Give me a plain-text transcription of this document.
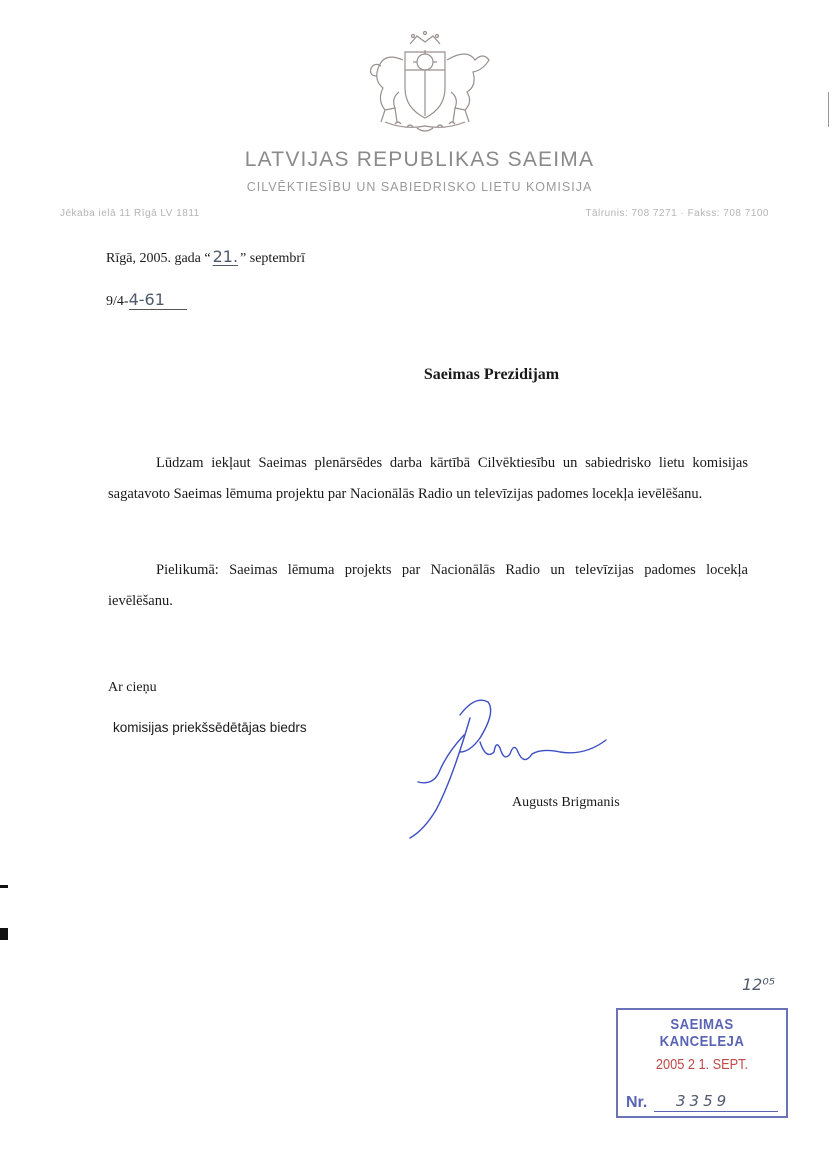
LATVIJAS REPUBLIKAS SAEIMA
CILVĒKTIESĪBU UN SABIEDRISKO LIETU KOMISIJA
Jēkaba ielā 11 Rīgā LV 1811	Tālrunis: 708 7271 · Fakss: 708 7100
Rīgā, 2005. gada “ 21. ” septembrī
9/4-4-61
Saeimas Prezidijam

Lūdzam iekļaut Saeimas plenārsēdes darba kārtībā Cilvēktiesību un sabiedrisko lietu komisijas sagatavoto Saeimas lēmuma projektu par Nacionālās Radio un televīzijas padomes locekļa ievēlēšanu.

Pielikumā: Saeimas lēmuma projekts par Nacionālās Radio un televīzijas padomes locekļa ievēlēšanu.

Ar cieņu
komisijas priekšsēdētājas biedrs
Augusts Brigmanis
12⁰⁵
SAEIMAS KANCELEJA
2005 2 1. SEPT.
Nr. 3359
